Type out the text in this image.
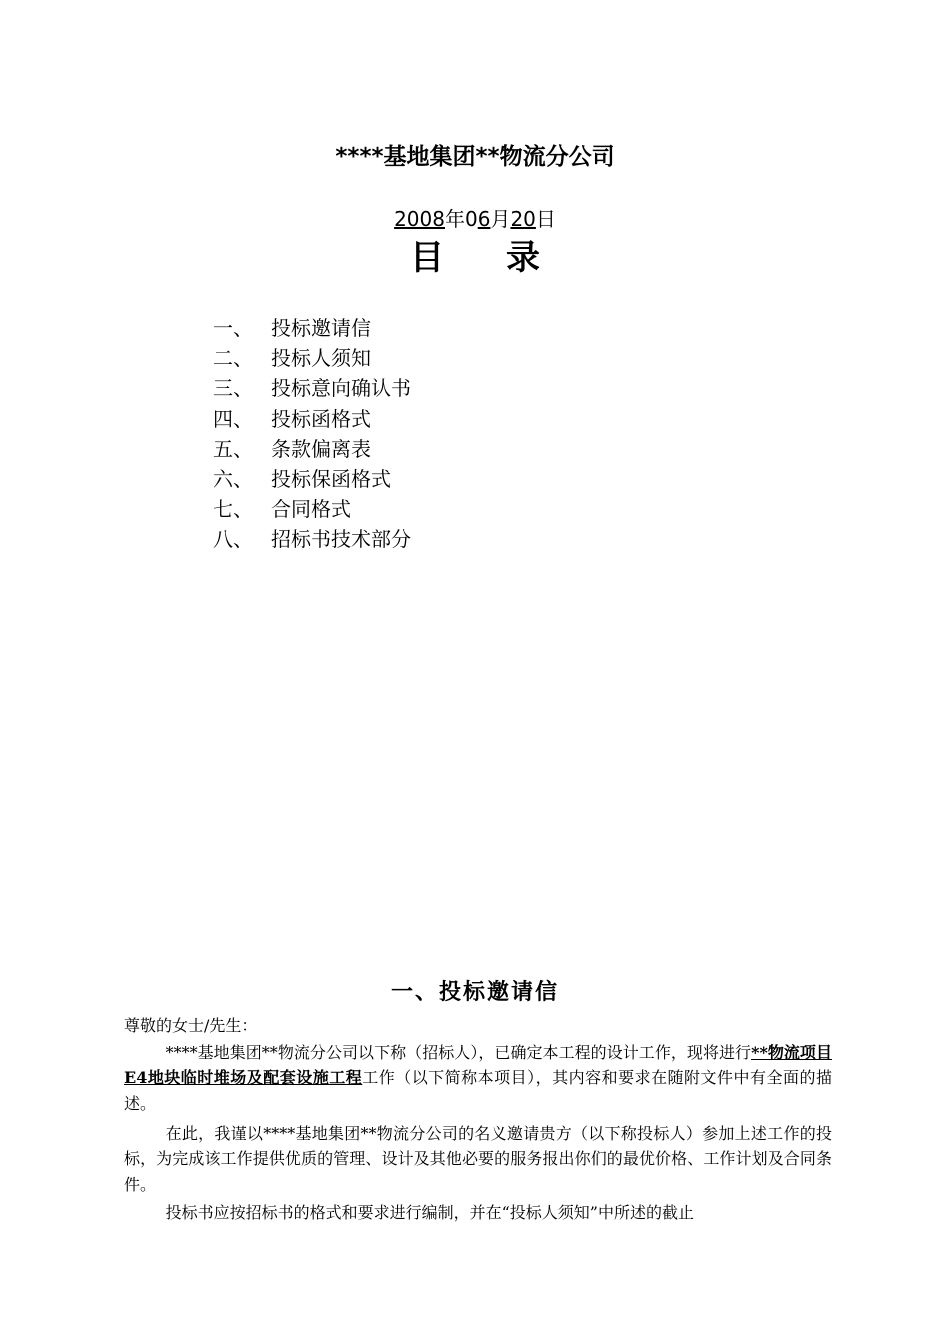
****基地集团**物流分公司
2008年06月20日
目 录
一、 投标邀请信
二、 投标人须知
三、 投标意向确认书
四、 投标函格式
五、 条款偏离表
六、 投标保函格式
七、 合同格式
八、 招标书技术部分
一、投标邀请信
尊敬的女士/先生：
****基地集团**物流分公司以下称（招标人），已确定本工程的设计工作，现将进行**物流项目E4地块临时堆场及配套设施工程工作（以下简称本项目），其内容和要求在随附文件中有全面的描述。
在此，我谨以****基地集团**物流分公司的名义邀请贵方（以下称投标人）参加上述工作的投标，为完成该工作提供优质的管理、设计及其他必要的服务报出你们的最优价格、工作计划及合同条件。
投标书应按招标书的格式和要求进行编制，并在“投标人须知”中所述的截止
